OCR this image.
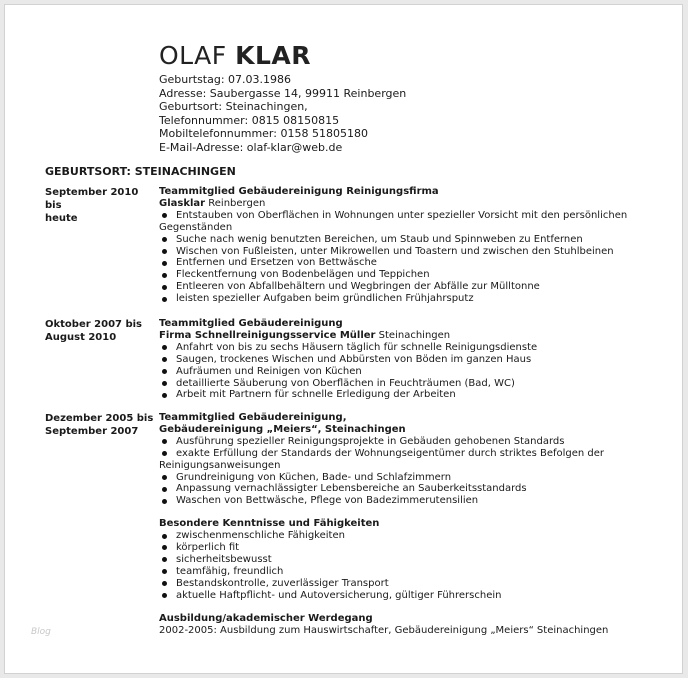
OLAF KLAR
Geburtstag: 07.03.1986
Adresse: Saubergasse 14, 99911 Reinbergen
Geburtsort: Steinachingen,
Telefonnummer: 0815 08150815
Mobiltelefonnummer: 0158 51805180
E-Mail-Adresse: olaf-klar@web.de
GEBURTSORT: STEINACHINGEN
September 2010 bis
heute
Teammitglied Gebäudereinigung Reinigungsfirma
Glasklar Reinbergen
Entstauben von Oberflächen in Wohnungen unter spezieller Vorsicht mit den persönlichen Gegenständen
Suche nach wenig benutzten Bereichen, um Staub und Spinnweben zu Entfernen
Wischen von Fußleisten, unter Mikrowellen und Toastern und zwischen den Stuhlbeinen
Entfernen und Ersetzen von Bettwäsche
Fleckentfernung von Bodenbelägen und Teppichen
Entleeren von Abfallbehältern und Wegbringen der Abfälle zur Mülltonne
leisten spezieller Aufgaben beim gründlichen Frühjahrsputz
Oktober 2007 bis
August 2010
Teammitglied Gebäudereinigung
Firma Schnellreinigungsservice Müller Steinachingen
Anfahrt von bis zu sechs Häusern täglich für schnelle Reinigungsdienste
Saugen, trockenes Wischen und Abbürsten von Böden im ganzen Haus
Aufräumen und Reinigen von Küchen
detaillierte Säuberung von Oberflächen in Feuchträumen (Bad, WC)
Arbeit mit Partnern für schnelle Erledigung der Arbeiten
Dezember 2005 bis
September 2007
Teammitglied Gebäudereinigung,
Gebäudereinigung „Meiers“, Steinachingen
Ausführung spezieller Reinigungsprojekte in Gebäuden gehobenen Standards
exakte Erfüllung der Standards der Wohnungseigentümer durch striktes Befolgen der Reinigungsanweisungen
Grundreinigung von Küchen, Bade- und Schlafzimmern
Anpassung vernachlässigter Lebensbereiche an Sauberkeitsstandards
Waschen von Bettwäsche, Pflege von Badezimmerutensilien
Besondere Kenntnisse und Fähigkeiten
zwischenmenschliche Fähigkeiten
körperlich fit
sicherheitsbewusst
teamfähig, freundlich
Bestandskontrolle, zuverlässiger Transport
aktuelle Haftpflicht- und Autoversicherung, gültiger Führerschein
Ausbildung/akademischer Werdegang
2002-2005: Ausbildung zum Hauswirtschafter, Gebäudereinigung „Meiers“ Steinachingen
Blog
